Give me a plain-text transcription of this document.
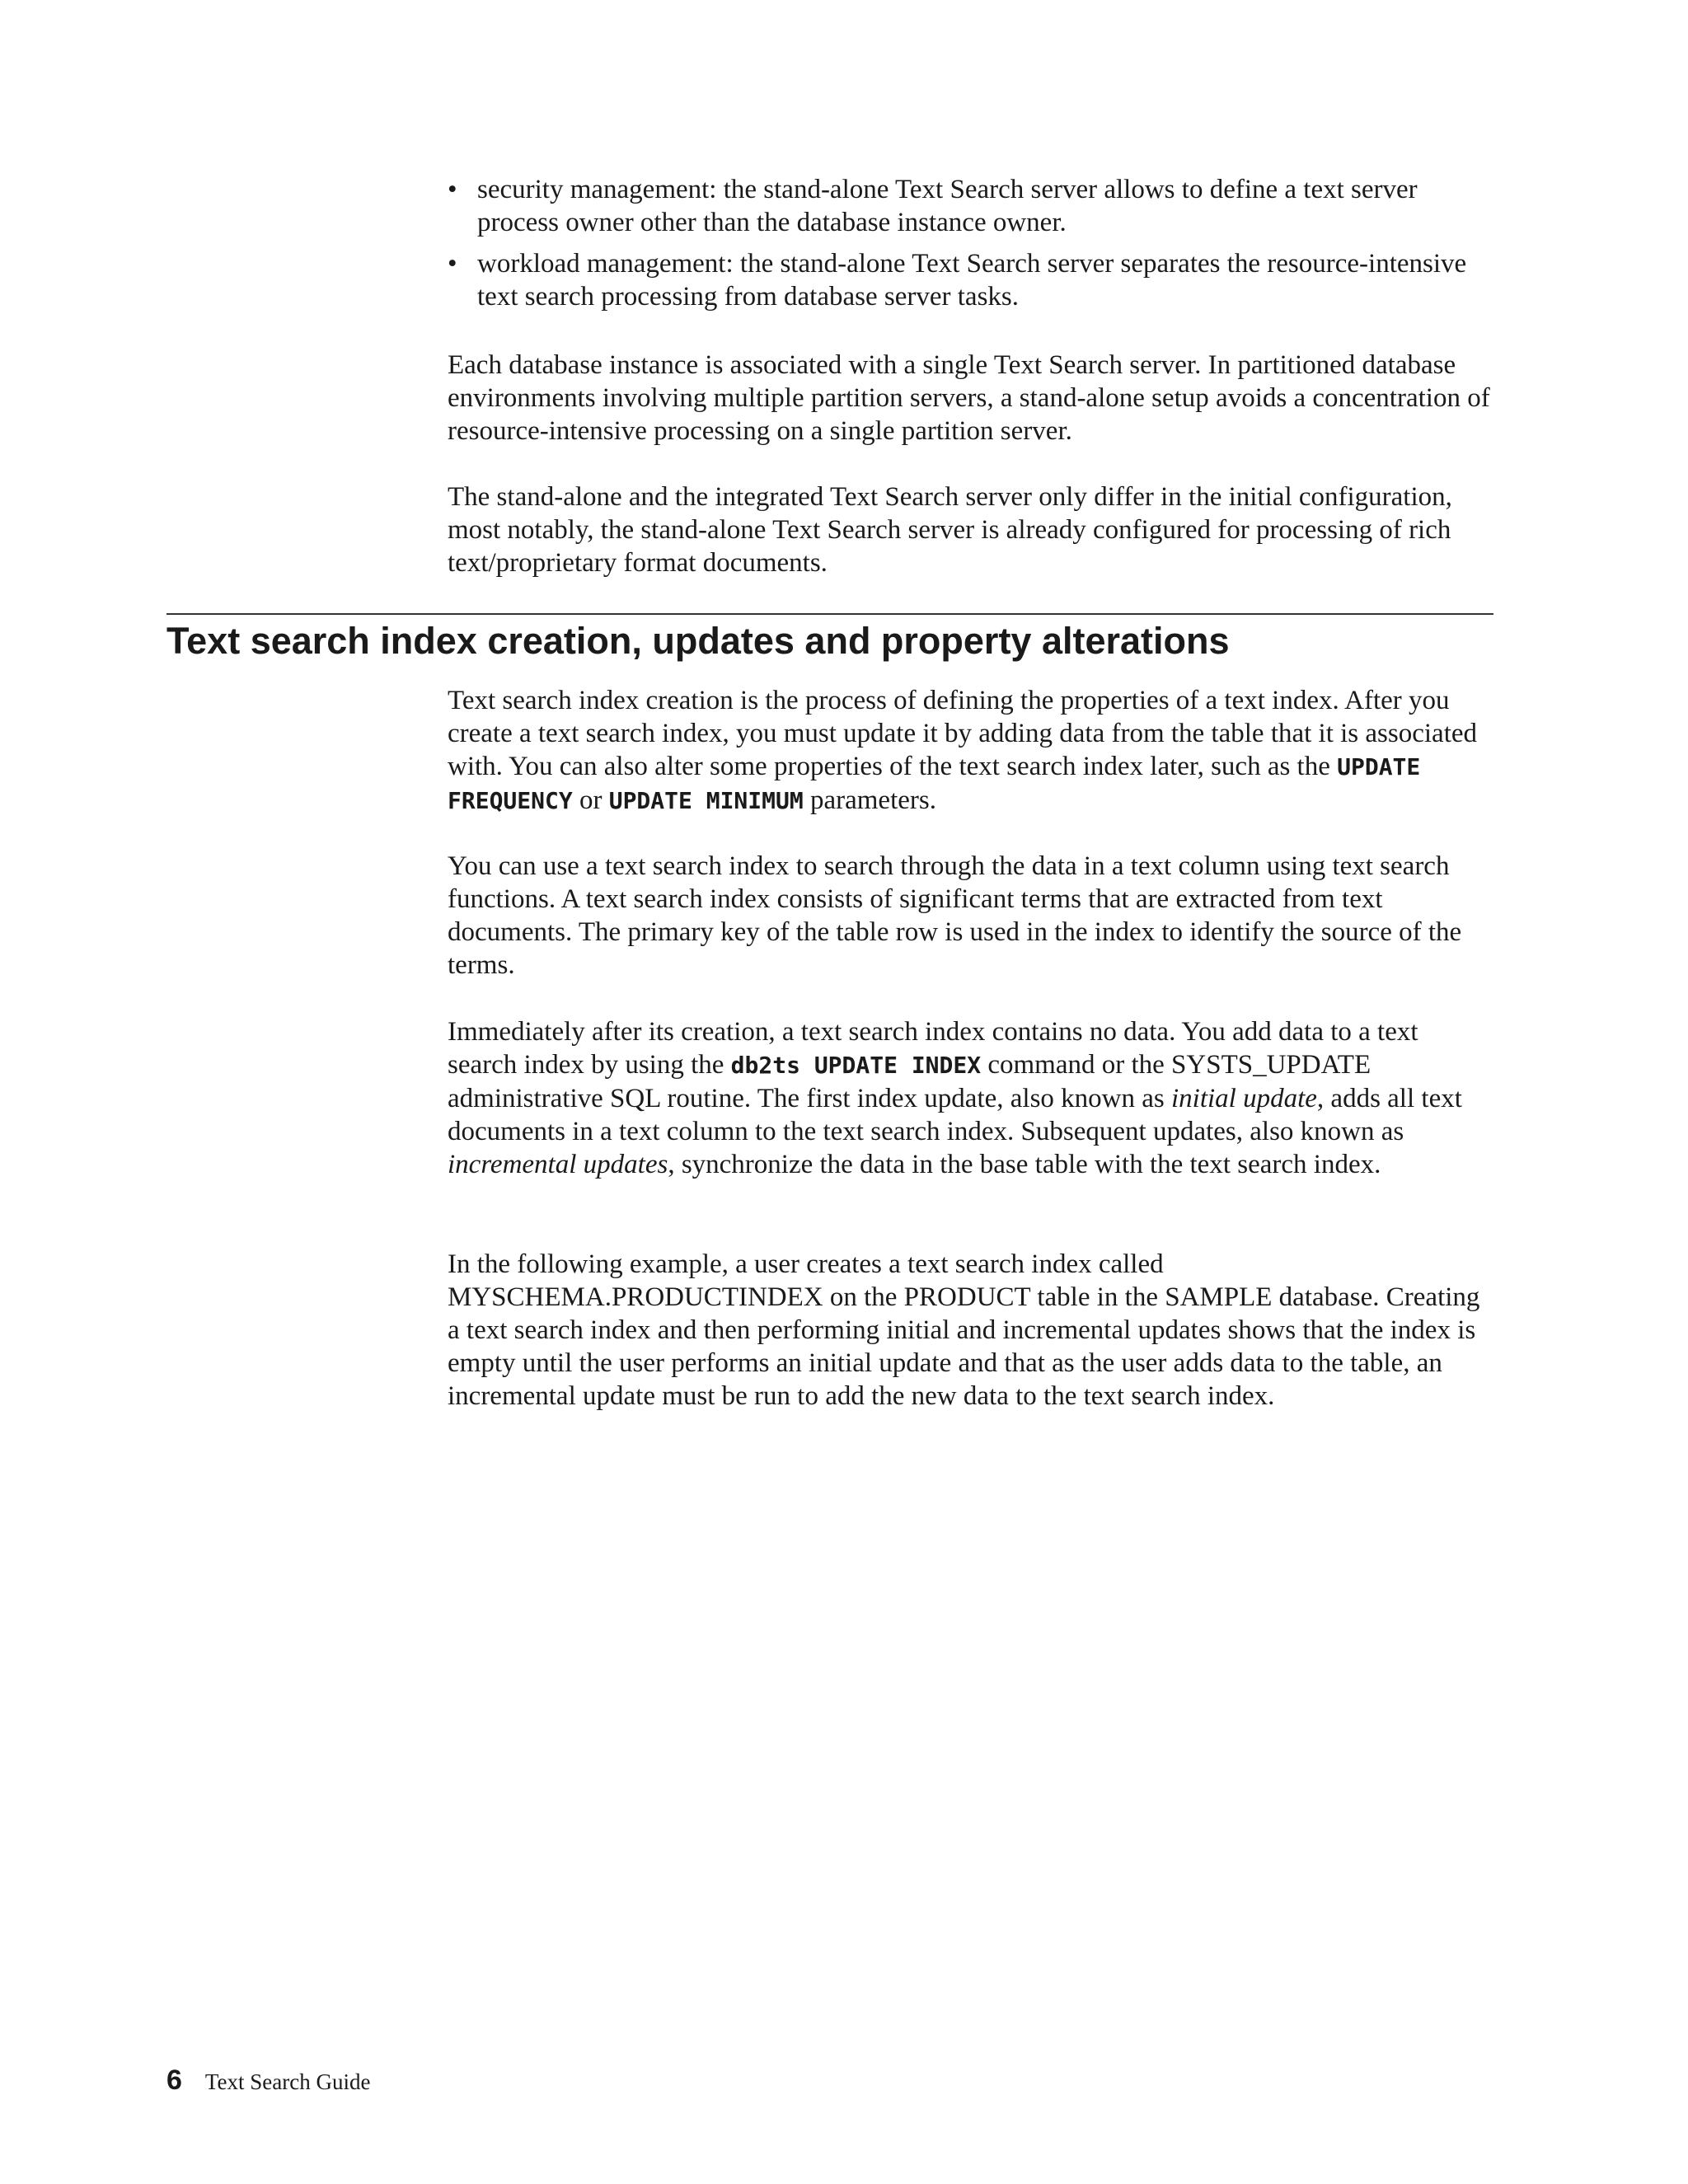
• security management: the stand-alone Text Search server allows to define a text server process owner other than the database instance owner.
• workload management: the stand-alone Text Search server separates the resource-intensive text search processing from database server tasks.

Each database instance is associated with a single Text Search server. In partitioned database environments involving multiple partition servers, a stand-alone setup avoids a concentration of resource-intensive processing on a single partition server.

The stand-alone and the integrated Text Search server only differ in the initial configuration, most notably, the stand-alone Text Search server is already configured for processing of rich text/proprietary format documents.

Text search index creation, updates and property alterations

Text search index creation is the process of defining the properties of a text index. After you create a text search index, you must update it by adding data from the table that it is associated with. You can also alter some properties of the text search index later, such as the UPDATE FREQUENCY or UPDATE MINIMUM parameters.

You can use a text search index to search through the data in a text column using text search functions. A text search index consists of significant terms that are extracted from text documents. The primary key of the table row is used in the index to identify the source of the terms.

Immediately after its creation, a text search index contains no data. You add data to a text search index by using the db2ts UPDATE INDEX command or the SYSTS_UPDATE administrative SQL routine. The first index update, also known as initial update, adds all text documents in a text column to the text search index. Subsequent updates, also known as incremental updates, synchronize the data in the base table with the text search index.

In the following example, a user creates a text search index called MYSCHEMA.PRODUCTINDEX on the PRODUCT table in the SAMPLE database. Creating a text search index and then performing initial and incremental updates shows that the index is empty until the user performs an initial update and that as the user adds data to the table, an incremental update must be run to add the new data to the text search index.

6 Text Search Guide
